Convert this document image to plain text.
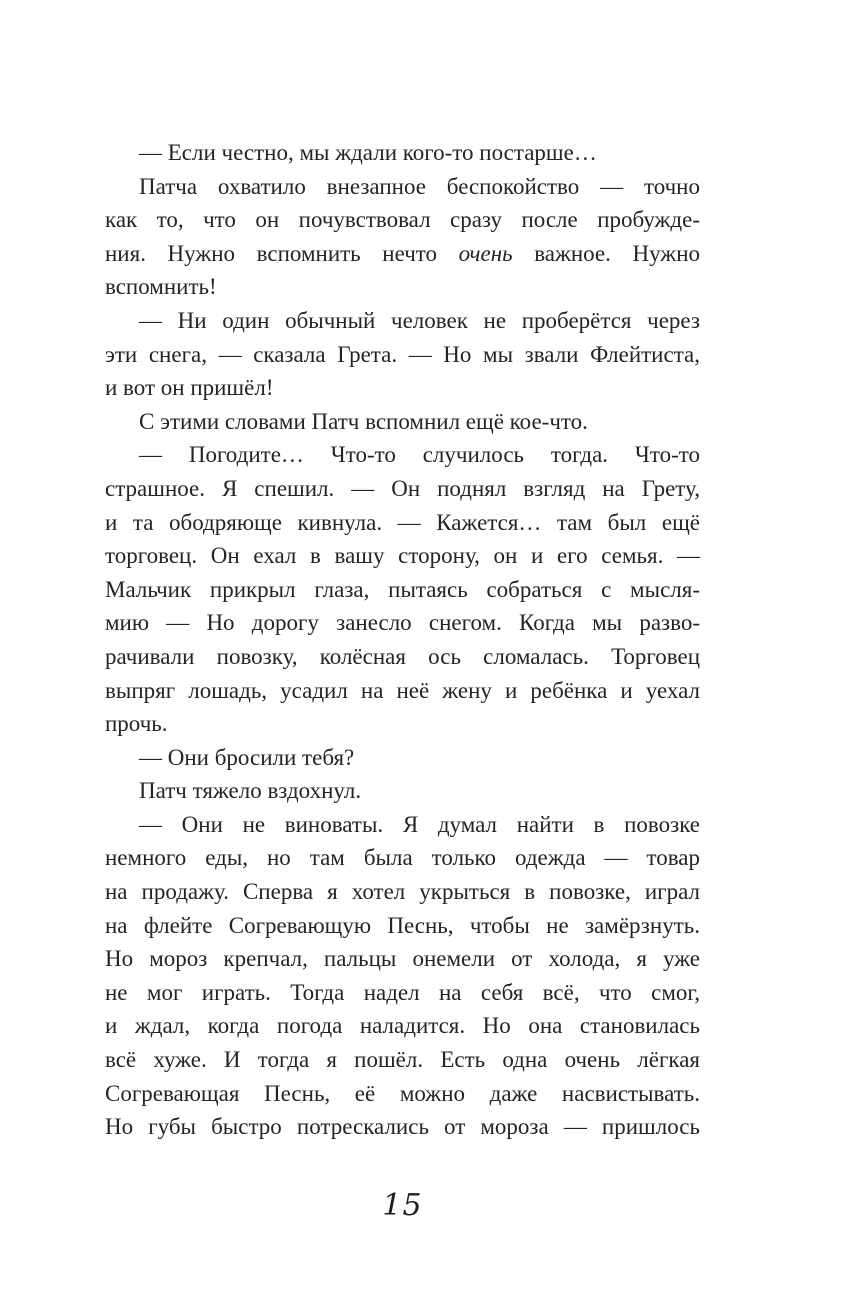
— Если честно, мы ждали кого-то постарше…
Патча охватило внезапное беспокойство — точно
как то, что он почувствовал сразу после пробужде-
ния. Нужно вспомнить нечто очень важное. Нужно
вспомнить!
— Ни один обычный человек не проберётся через
эти снега, — сказала Грета. — Но мы звали Флейтиста,
и вот он пришёл!
С этими словами Патч вспомнил ещё кое-что.
— Погодите… Что-то случилось тогда. Что-то
страшное. Я спешил. — Он поднял взгляд на Грету,
и та ободряюще кивнула. — Кажется… там был ещё
торговец. Он ехал в вашу сторону, он и его семья. —
Мальчик прикрыл глаза, пытаясь собраться с мысля-
мию — Но дорогу занесло снегом. Когда мы разво-
рачивали повозку, колёсная ось сломалась. Торговец
выпряг лошадь, усадил на неё жену и ребёнка и уехал
прочь.
— Они бросили тебя?
Патч тяжело вздохнул.
— Они не виноваты. Я думал найти в повозке
немного еды, но там была только одежда — товар
на продажу. Сперва я хотел укрыться в повозке, играл
на флейте Согревающую Песнь, чтобы не замёрзнуть.
Но мороз крепчал, пальцы онемели от холода, я уже
не мог играть. Тогда надел на себя всё, что смог,
и ждал, когда погода наладится. Но она становилась
всё хуже. И тогда я пошёл. Есть одна очень лёгкая
Согревающая Песнь, её можно даже насвистывать.
Но губы быстро потрескались от мороза — пришлось
15
